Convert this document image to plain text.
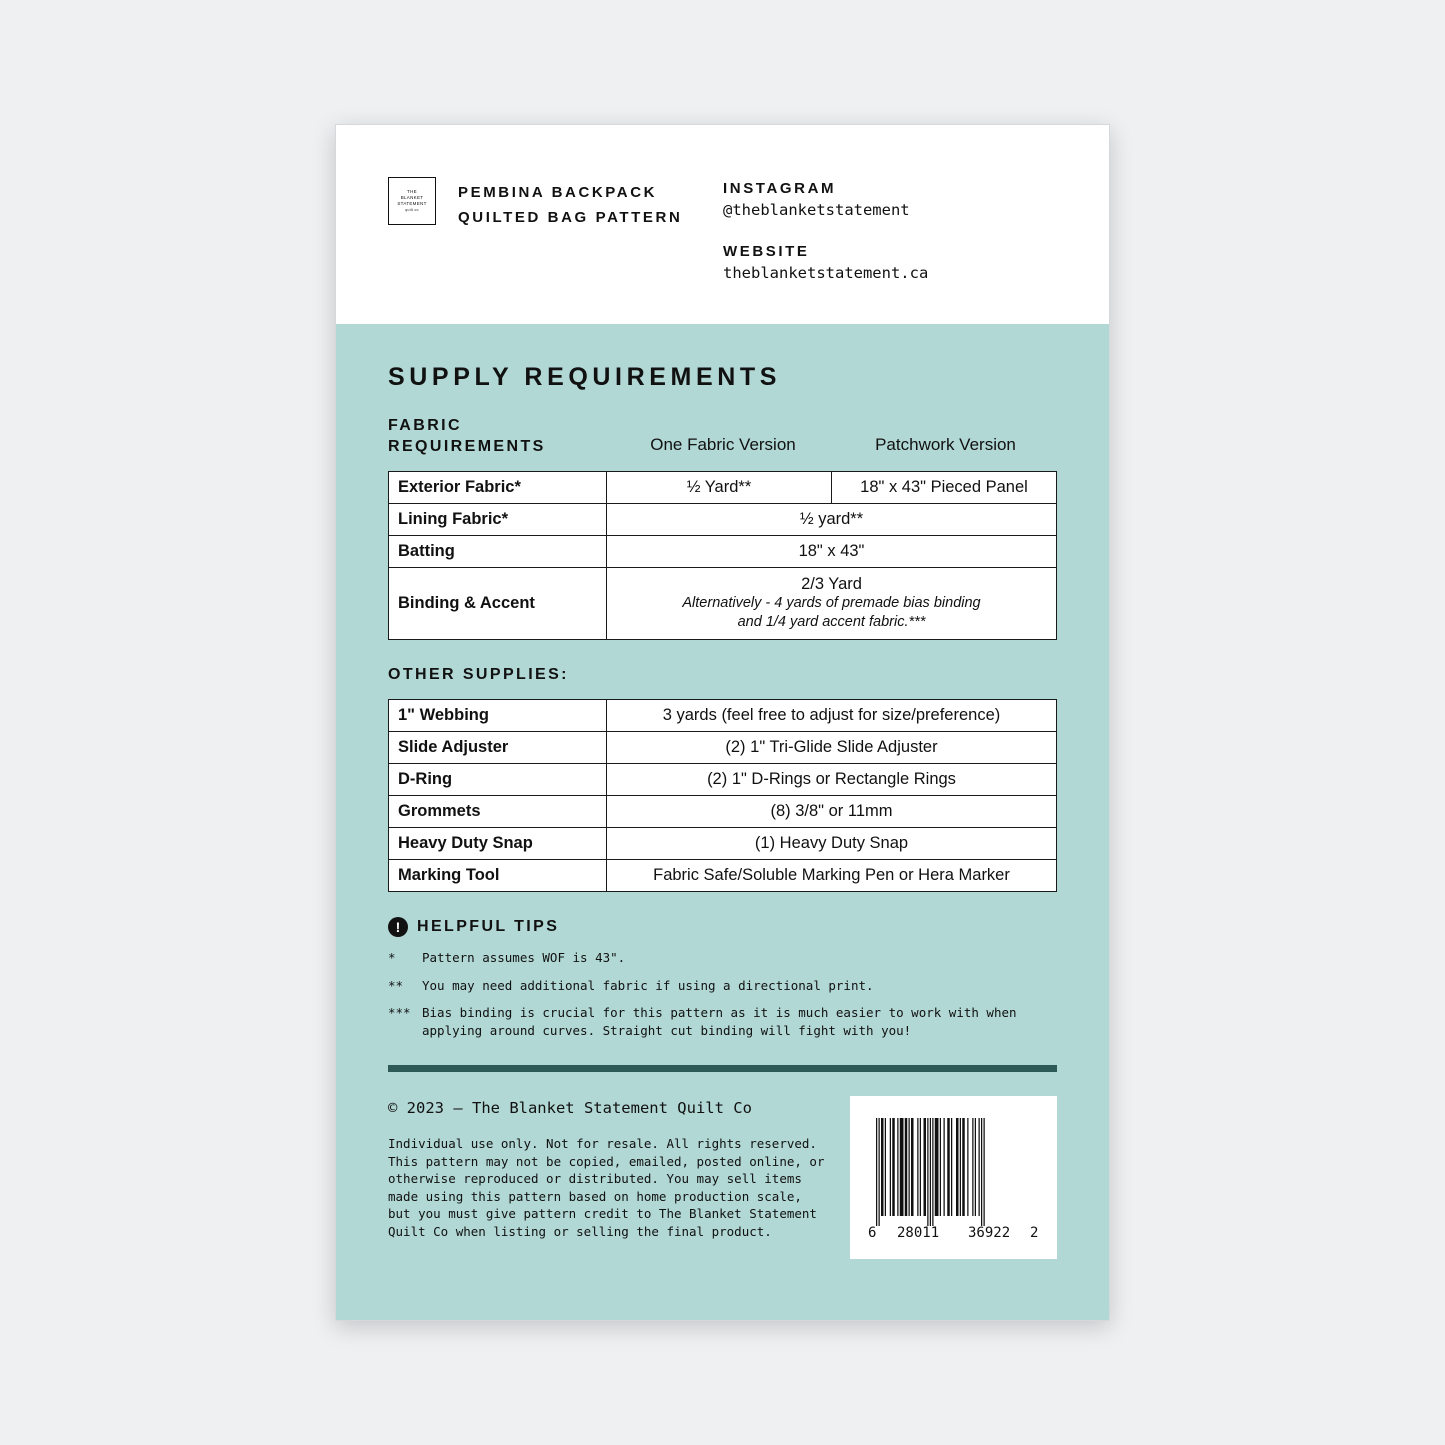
THE
BLANKET
STATEMENT
quilt co
PEMBINA BACKPACK
QUILTED BAG PATTERN
INSTAGRAM
@theblanketstatement
WEBSITE
theblanketstatement.ca
SUPPLY REQUIREMENTS
FABRIC
REQUIREMENTS	One Fabric Version	Patchwork Version
Exterior Fabric*	½ Yard**	18" x 43" Pieced Panel
Lining Fabric*	½ yard**	
Batting	18" x 43"	
Binding & Accent	2/3 Yard
Alternatively - 4 yards of premade bias binding
and 1/4 yard accent fabric.***	
OTHER SUPPLIES:
1" Webbing	3 yards (feel free to adjust for size/preference)
Slide Adjuster	(2) 1" Tri-Glide Slide Adjuster
D-Ring	(2) 1" D-Rings or Rectangle Rings
Grommets	(8) 3/8" or 11mm
Heavy Duty Snap	(1) Heavy Duty Snap
Marking Tool	Fabric Safe/Soluble Marking Pen or Hera Marker
!	HELPFUL TIPS
*	Pattern assumes WOF is 43".
**	You may need additional fabric if using a directional print.
*** Bias binding is crucial for this pattern as it is much easier to work with when applying around curves. Straight cut binding will fight with you!
© 2023 – The Blanket Statement Quilt Co
Individual use only. Not for resale. All rights reserved. This pattern may not be copied, emailed, posted online, or otherwise reproduced or distributed. You may sell items made using this pattern based on home production scale, but you must give pattern credit to The Blanket Statement Quilt Co when listing or selling the final product.	6 28011 36922 2
